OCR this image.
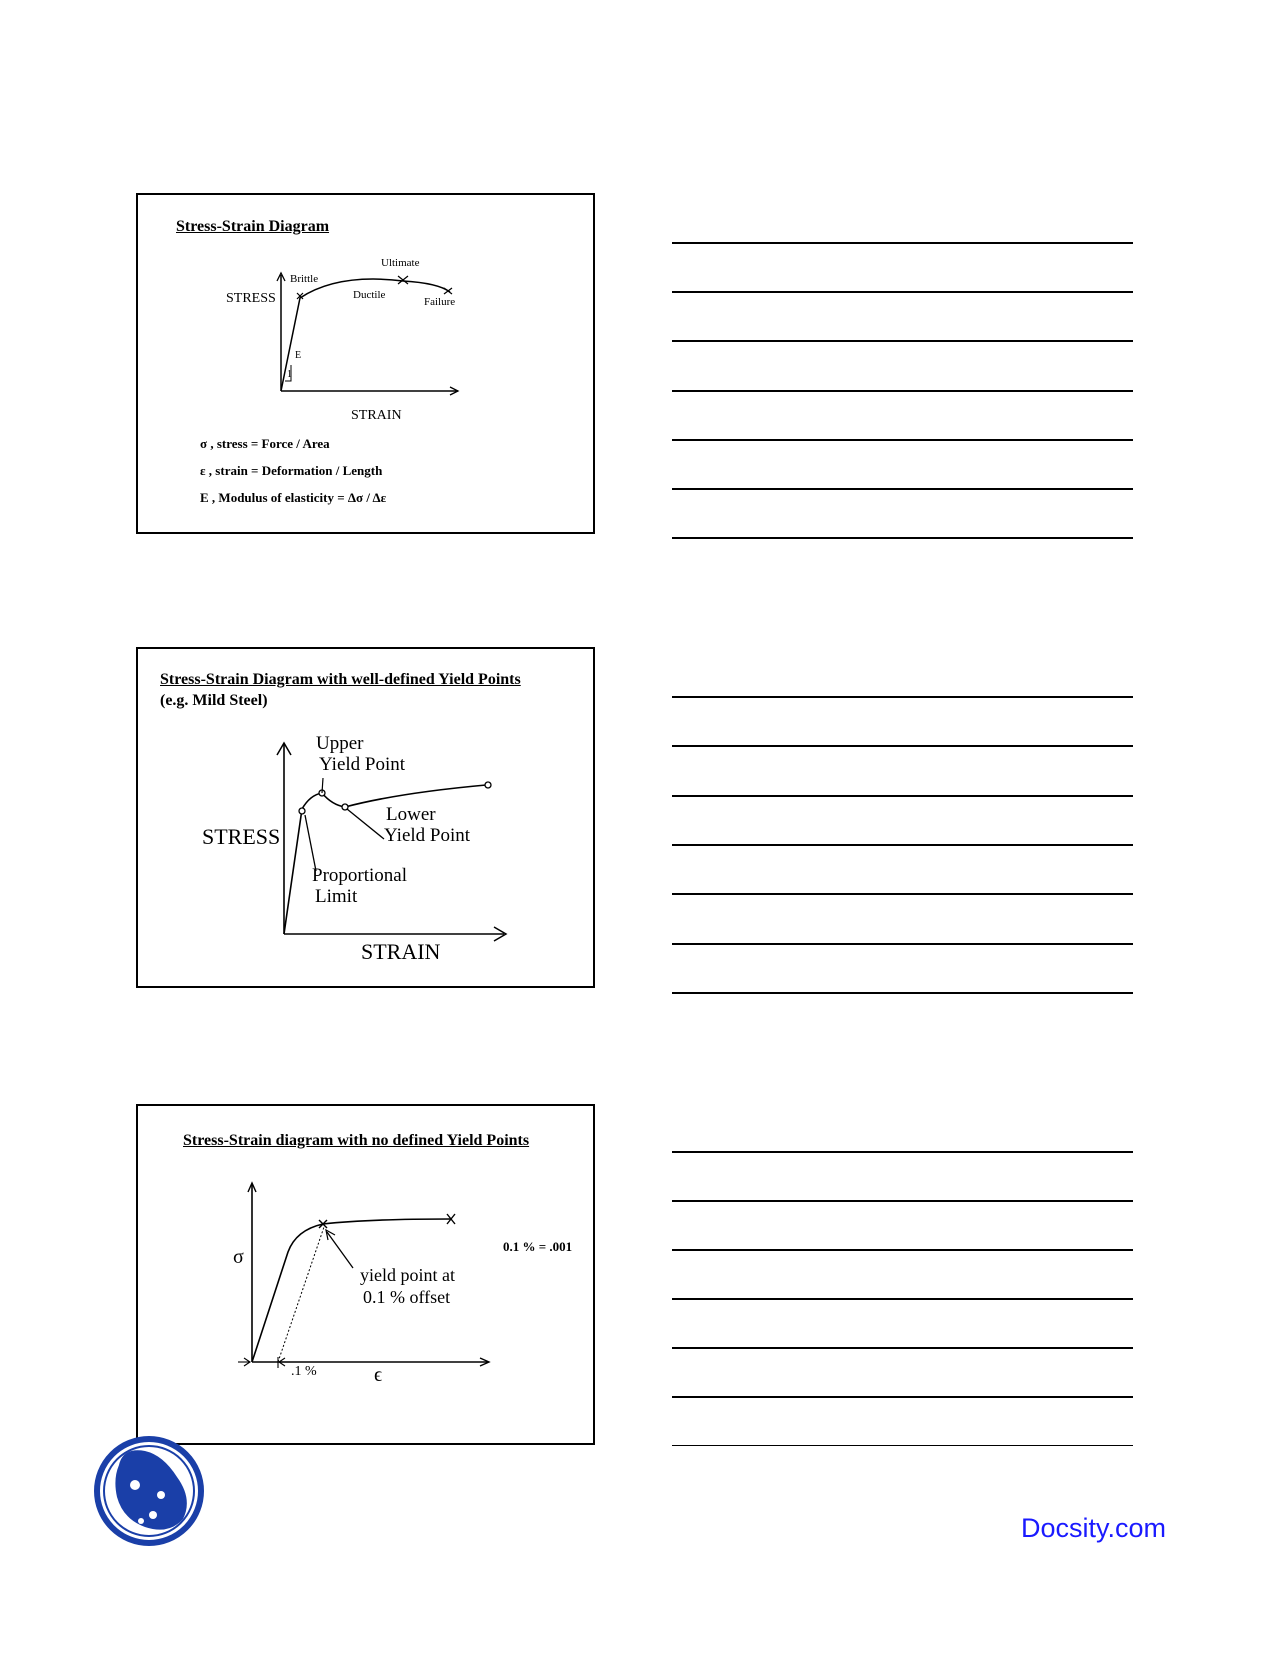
Stress-Strain Diagram
STRESS
Brittle
Ultimate
Ductile
Failure
E
1
STRAIN
σ , stress = Force / Area
ε , strain = Deformation / Length
E , Modulus of elasticity = Δσ / Δε
Stress-Strain Diagram with well-defined Yield Points
(e.g. Mild Steel)
STRESS
STRAIN
Upper
Yield Point
Lower
Yield Point
Proportional
Limit
Stress-Strain diagram with no defined Yield Points
σ
ϵ
0.1 % = .001
yield point at
0.1 % offset
.1 %
Docsity.com
